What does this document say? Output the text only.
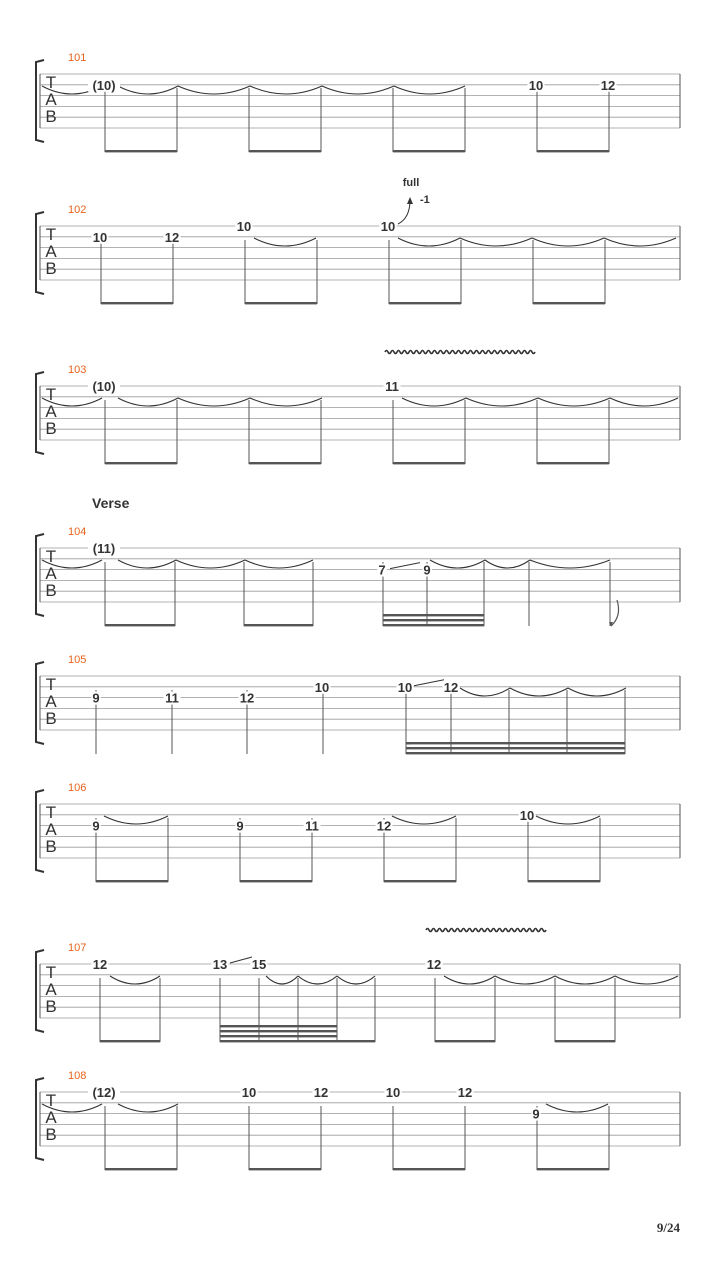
T
A
B
101
(10)	10	12
T
A
B
102
full
-1
10	12
10	10
T
A
B
103
(10)	11
T
A
B
104
Verse
(11)
7	9
T
A
B
105
9	11	12
10	10 12
T
A
B
106
9	9	11	12
10
T
A
B
107
12	13 15	12
T
A
B
108
(12)	10	12	10	12
9
9/24
